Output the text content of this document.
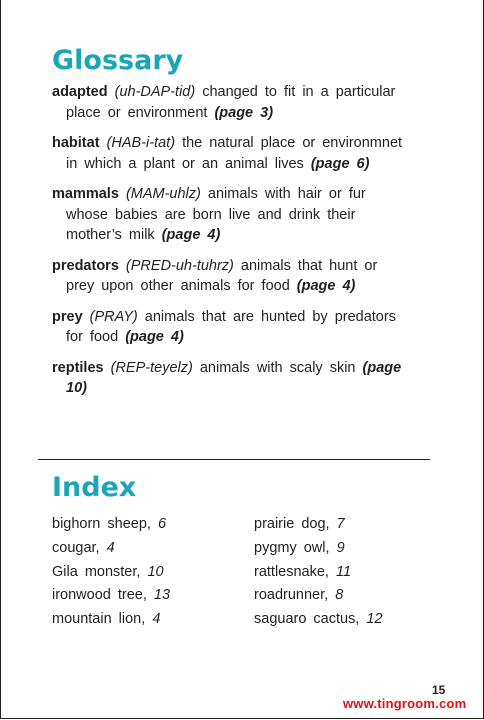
Glossary

adapted (uh-DAP-tid) changed to fit in a particular place or environment (page 3)

habitat (HAB-i-tat) the natural place or environmnet in which a plant or an animal lives (page 6)

mammals (MAM-uhlz) animals with hair or fur whose babies are born live and drink their mother’s milk (page 4)

predators (PRED-uh-tuhrz) animals that hunt or prey upon other animals for food (page 4)

prey (PRAY) animals that are hunted by predators for food (page 4)

reptiles (REP-teyelz) animals with scaly skin (page 10)

Index
bighorn sheep, 6
cougar, 4
Gila monster, 10
ironwood tree, 13
mountain lion, 4
prairie dog, 7
pygmy owl, 9
rattlesnake, 11
roadrunner, 8
saguaro cactus, 12
15
www.tingroom.com
